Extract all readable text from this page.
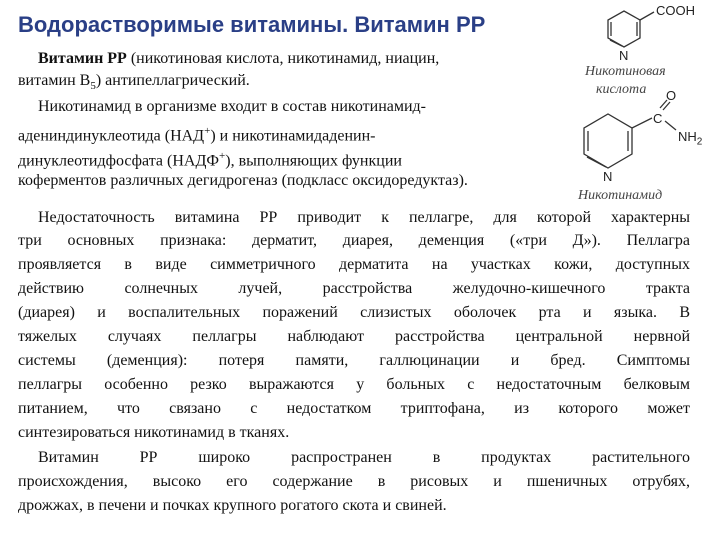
Водорастворимые витамины. Витамин РР
Витамин РР (никотиновая кислота, никотинамид, ниацин,
витамин $В_5$) антипеллагрический.
Никотинамид в организме входит в состав никотинамид-
адениндинуклеотида (НАД+) и никотинамидаденин-
динуклеотидфосфата (НАДФ+), выполняющих функции
коферментов различных дегидрогеназ (подкласс оксидоредуктаз).
COOH
N
Никотиновая
кислота O
C
$NH_2$
N
Никотинамид
Недостаточность витамина РР приводит к пеллагре, для которой характерны
три основных признака: дерматит, диарея, деменция («три Д»). Пеллагра
проявляется в виде симметричного дерматита на участках кожи, доступных
действию солнечных лучей, расстройства желудочно-кишечного тракта
(диарея) и воспалительных поражений слизистых оболочек рта и языка. В
тяжелых случаях пеллагры наблюдают расстройства центральной нервной
системы (деменция): потеря памяти, галлюцинации и бред. Симптомы
пеллагры особенно резко выражаются у больных с недостаточным белковым
питанием, что связано с недостатком триптофана, из которого может
синтезироваться никотинамид в тканях.
Витамин РР широко распространен в продуктах растительного
происхождения, высоко его содержание в рисовых и пшеничных отрубях,
дрожжах, в печени и почках крупного рогатого скота и свиней.
